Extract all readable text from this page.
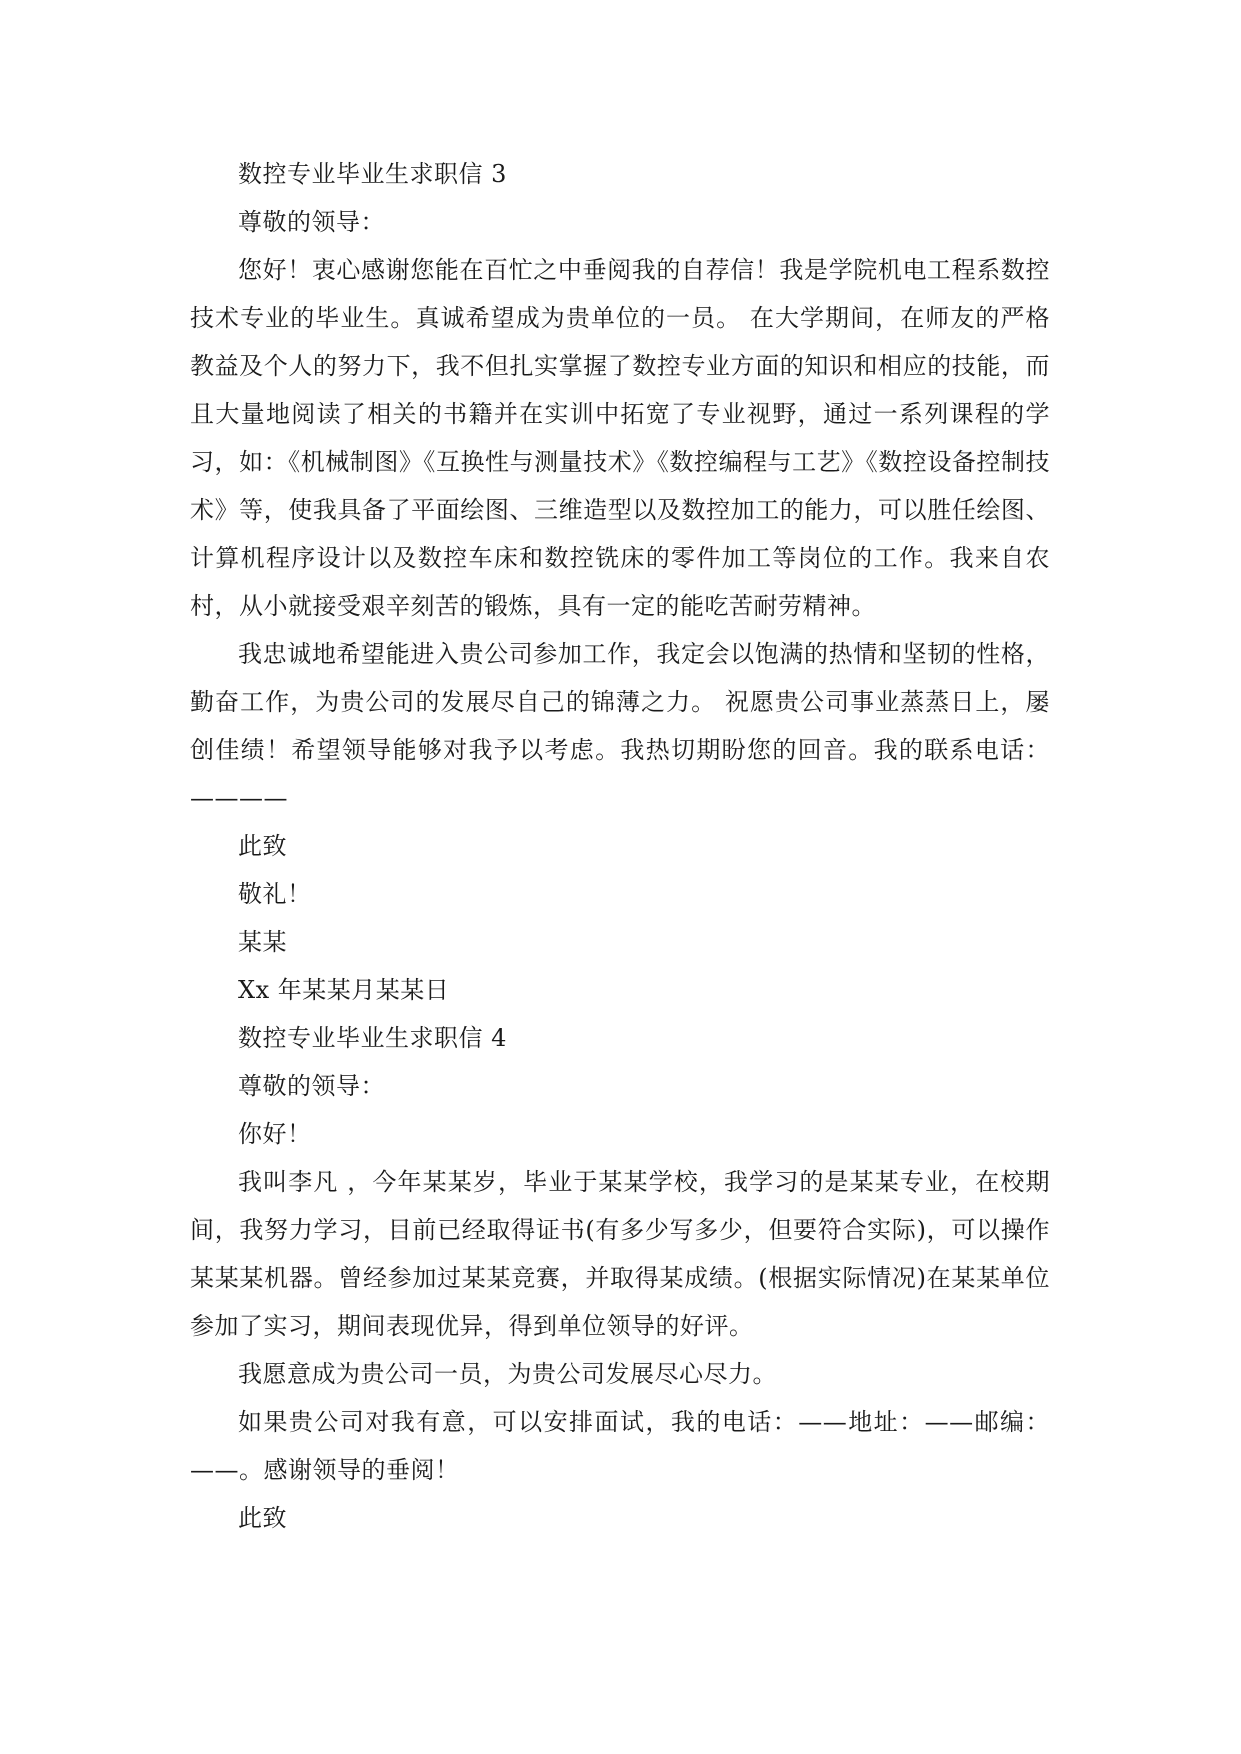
数控专业毕业生求职信 3

尊敬的领导：

您好！衷心感谢您能在百忙之中垂阅我的自荐信！我是学院机电工程系数控技术专业的毕业生。真诚希望成为贵单位的一员。 在大学期间，在师友的严格教益及个人的努力下，我不但扎实掌握了数控专业方面的知识和相应的技能，而且大量地阅读了相关的书籍并在实训中拓宽了专业视野，通过一系列课程的学习，如：《机械制图》《互换性与测量技术》《数控编程与工艺》《数控设备控制技术》等，使我具备了平面绘图、三维造型以及数控加工的能力，可以胜任绘图、计算机程序设计以及数控车床和数控铣床的零件加工等岗位的工作。我来自农村，从小就接受艰辛刻苦的锻炼，具有一定的能吃苦耐劳精神。

我忠诚地希望能进入贵公司参加工作，我定会以饱满的热情和坚韧的性格，勤奋工作，为贵公司的发展尽自己的锦薄之力。 祝愿贵公司事业蒸蒸日上，屡创佳绩！希望领导能够对我予以考虑。我热切期盼您的回音。我的联系电话：————

此致

敬礼！

某某

Xx 年某某月某某日

数控专业毕业生求职信 4

尊敬的领导：

你好！

我叫李凡 ，今年某某岁，毕业于某某学校，我学习的是某某专业，在校期间，我努力学习，目前已经取得证书(有多少写多少，但要符合实际)，可以操作某某某机器。曾经参加过某某竞赛，并取得某成绩。(根据实际情况)在某某单位参加了实习，期间表现优异，得到单位领导的好评。

我愿意成为贵公司一员，为贵公司发展尽心尽力。

如果贵公司对我有意，可以安排面试，我的电话：——地址：——邮编：——。感谢领导的垂阅！

此致
